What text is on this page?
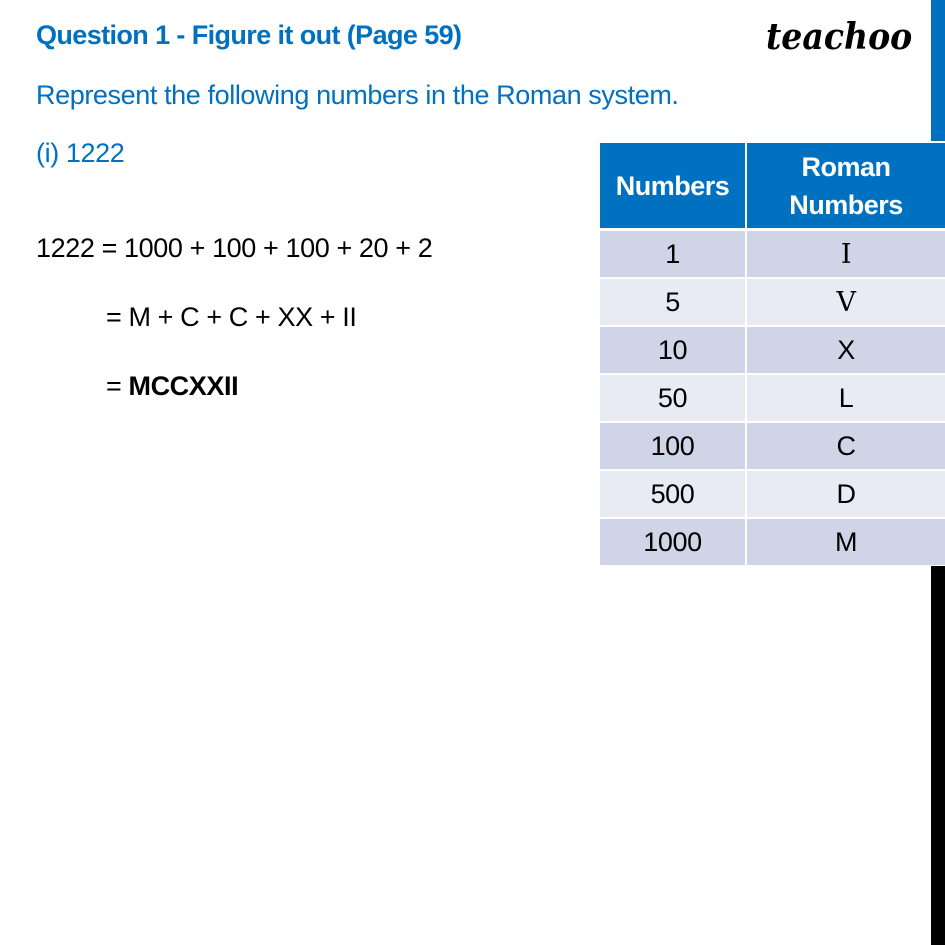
Question 1 - Figure it out (Page 59)	teachoo
Represent the following numbers in the Roman system.
(i) 1222
1222 = 1000 + 100 + 100 + 20 + 2
= M + C + C + XX + II
= MCCXXII
Numbers	Roman
Numbers
1	I
5	V
10	X
50	L
100	C
500	D
1000	M
